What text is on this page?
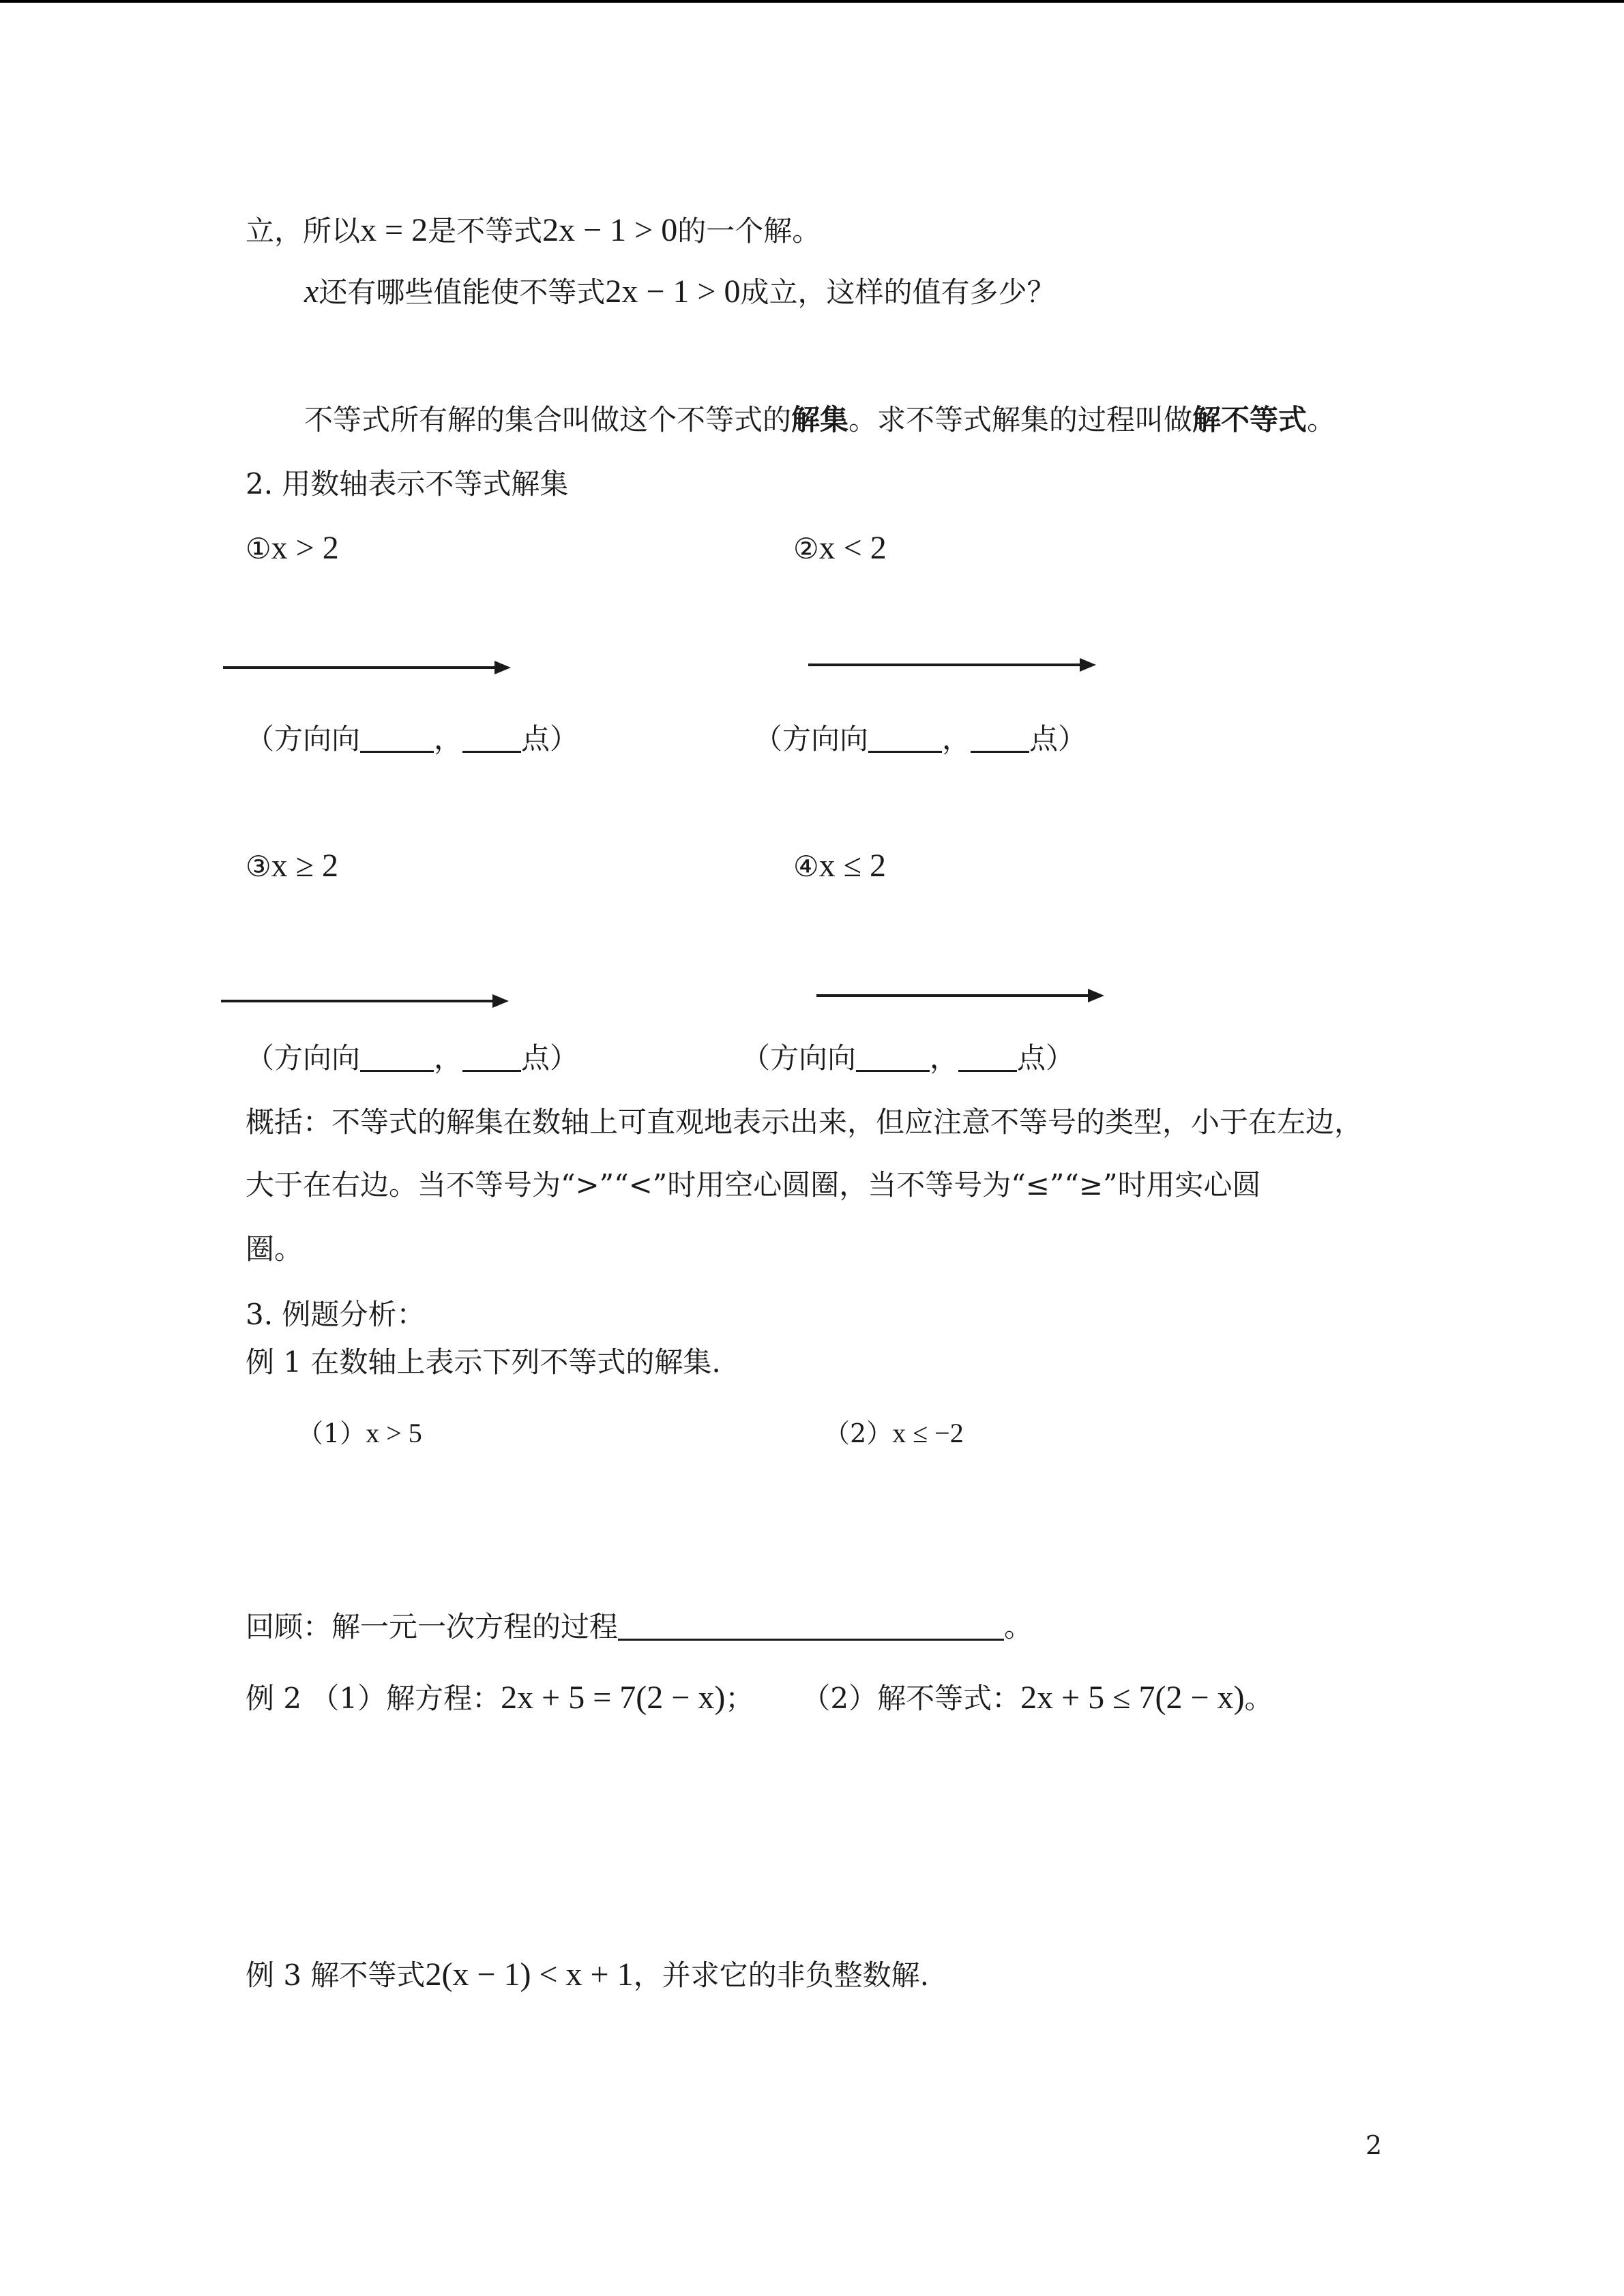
立，所以x = 2是不等式2x − 1 > 0的一个解。
x还有哪些值能使不等式2x − 1 > 0成立，这样的值有多少？
不等式所有解的集合叫做这个不等式的解集。求不等式解集的过程叫做解不等式。
2. 用数轴表示不等式解集
①x > 2	②x < 2
（方向向	， 点）	（方向向	， 点）
③x ≥ 2	④x ≤ 2
（方向向	， 点）	（方向向	， 点）
概括：不等式的解集在数轴上可直观地表示出来，但应注意不等号的类型，小于在左边，
大于在右边。当不等号为“>”“<”时用空心圆圈，当不等号为“≤”“≥”时用实心圆
圈。
3. 例题分析：
例 1 在数轴上表示下列不等式的解集.
（1）x > 5	（2）x ≤ −2
回顾：解一元一次方程的过程	。
例 2 （1）解方程：2x + 5 = 7(2 − x)； （2）解不等式：2x + 5 ≤ 7(2 − x)。
例 3 解不等式2(x − 1) < x + 1，并求它的非负整数解.
2
